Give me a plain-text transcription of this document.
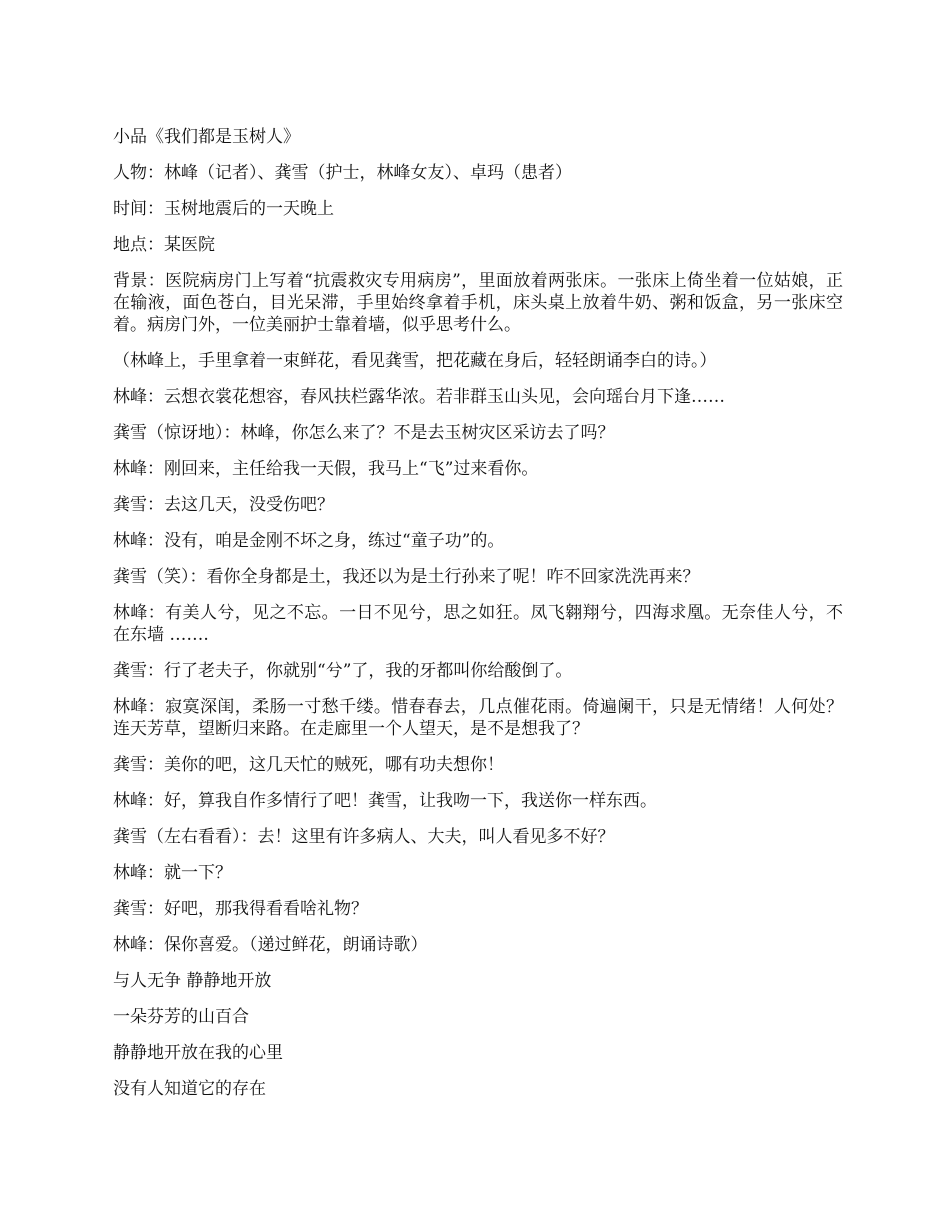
小品《我们都是玉树人》

人物：林峰（记者）、龚雪（护士，林峰女友）、卓玛（患者）

时间：玉树地震后的一天晚上

地点：某医院

背景：医院病房门上写着“抗震救灾专用病房”，里面放着两张床。一张床上倚坐着一位姑娘，正在输液，面色苍白，目光呆滞，手里始终拿着手机，床头桌上放着牛奶、粥和饭盒，另一张床空着。病房门外，一位美丽护士靠着墙，似乎思考什么。

（林峰上，手里拿着一束鲜花，看见龚雪，把花藏在身后，轻轻朗诵李白的诗。）

林峰：云想衣裳花想容，春风扶栏露华浓。若非群玉山头见，会向瑶台月下逢……

龚雪（惊讶地）：林峰，你怎么来了？不是去玉树灾区采访去了吗？

林峰：刚回来，主任给我一天假，我马上“飞”过来看你。

龚雪：去这几天，没受伤吧？

林峰：没有，咱是金刚不坏之身，练过“童子功”的。

龚雪（笑）：看你全身都是土，我还以为是土行孙来了呢！咋不回家洗洗再来？

林峰：有美人兮，见之不忘。一日不见兮，思之如狂。凤飞翱翔兮，四海求凰。无奈佳人兮，不在东墙 …….

龚雪：行了老夫子，你就别“兮”了，我的牙都叫你给酸倒了。

林峰：寂寞深闺，柔肠一寸愁千缕。惜春春去，几点催花雨。倚遍阑干，只是无情绪！人何处？连天芳草，望断归来路。在走廊里一个人望天，是不是想我了？

龚雪：美你的吧，这几天忙的贼死，哪有功夫想你！

林峰：好，算我自作多情行了吧！龚雪，让我吻一下，我送你一样东西。

龚雪（左右看看）：去！这里有许多病人、大夫，叫人看见多不好？

林峰：就一下？

龚雪：好吧，那我得看看啥礼物？

林峰：保你喜爱。（递过鲜花，朗诵诗歌）

与人无争 静静地开放

一朵芬芳的山百合

静静地开放在我的心里

没有人知道它的存在
